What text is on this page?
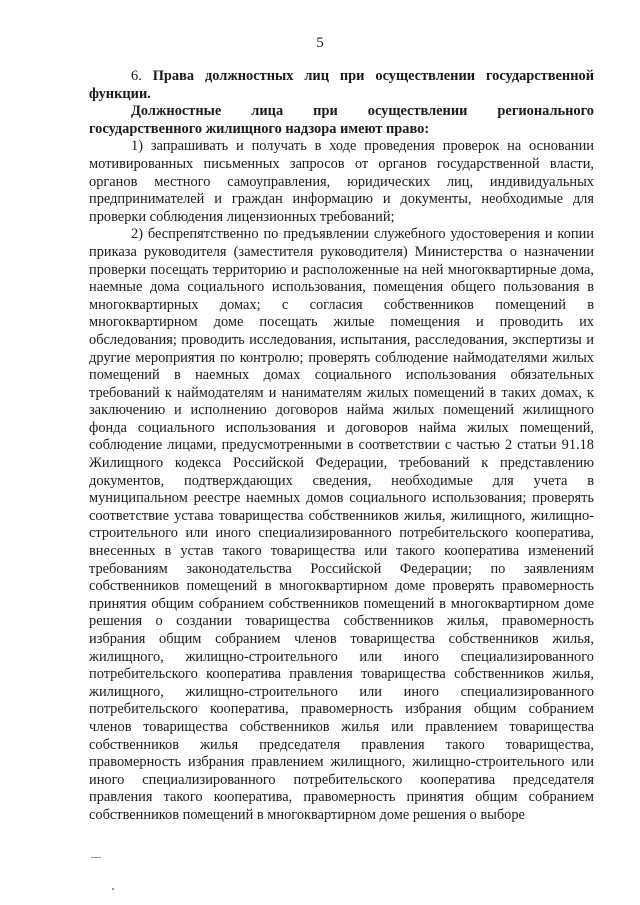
5

6. Права должностных лиц при осуществлении государственной функции.

Должностные лица при осуществлении регионального государственного жилищного надзора имеют право:

1) запрашивать и получать в ходе проведения проверок на основании мотивированных письменных запросов от органов государственной власти, органов местного самоуправления, юридических лиц, индивидуальных предпринимателей и граждан информацию и документы, необходимые для проверки соблюдения лицензионных требований;

2) беспрепятственно по предъявлении служебного удостоверения и копии приказа руководителя (заместителя руководителя) Министерства о назначении проверки посещать территорию и расположенные на ней многоквартирные дома, наемные дома социального использования, помещения общего пользования в многоквартирных домах; с согласия собственников помещений в многоквартирном доме посещать жилые помещения и проводить их обследования; проводить исследования, испытания, расследования, экспертизы и другие мероприятия по контролю; проверять соблюдение наймодателями жилых помещений в наемных домах социального использования обязательных требований к наймодателям и нанимателям жилых помещений в таких домах, к заключению и исполнению договоров найма жилых помещений жилищного фонда социального использования и договоров найма жилых помещений, соблюдение лицами, предусмотренными в соответствии с частью 2 статьи 91.18 Жилищного кодекса Российской Федерации, требований к представлению документов, подтверждающих сведения, необходимые для учета в муниципальном реестре наемных домов социального использования; проверять соответствие устава товарищества собственников жилья, жилищного, жилищно-строительного или иного специализированного потребительского кооператива, внесенных в устав такого товарищества или такого кооператива изменений требованиям законодательства Российской Федерации; по заявлениям собственников помещений в многоквартирном доме проверять правомерность принятия общим собранием собственников помещений в многоквартирном доме решения о создании товарищества собственников жилья, правомерность избрания общим собранием членов товарищества собственников жилья, жилищного, жилищно-строительного или иного специализированного потребительского кооператива правления товарищества собственников жилья, жилищного, жилищно-строительного или иного специализированного потребительского кооператива, правомерность избрания общим собранием членов товарищества собственников жилья или правлением товарищества собственников жилья председателя правления такого товарищества, правомерность избрания правлением жилищного, жилищно-строительного или иного специализированного потребительского кооператива председателя правления такого кооператива, правомерность принятия общим собранием собственников помещений в многоквартирном доме решения о выборе
